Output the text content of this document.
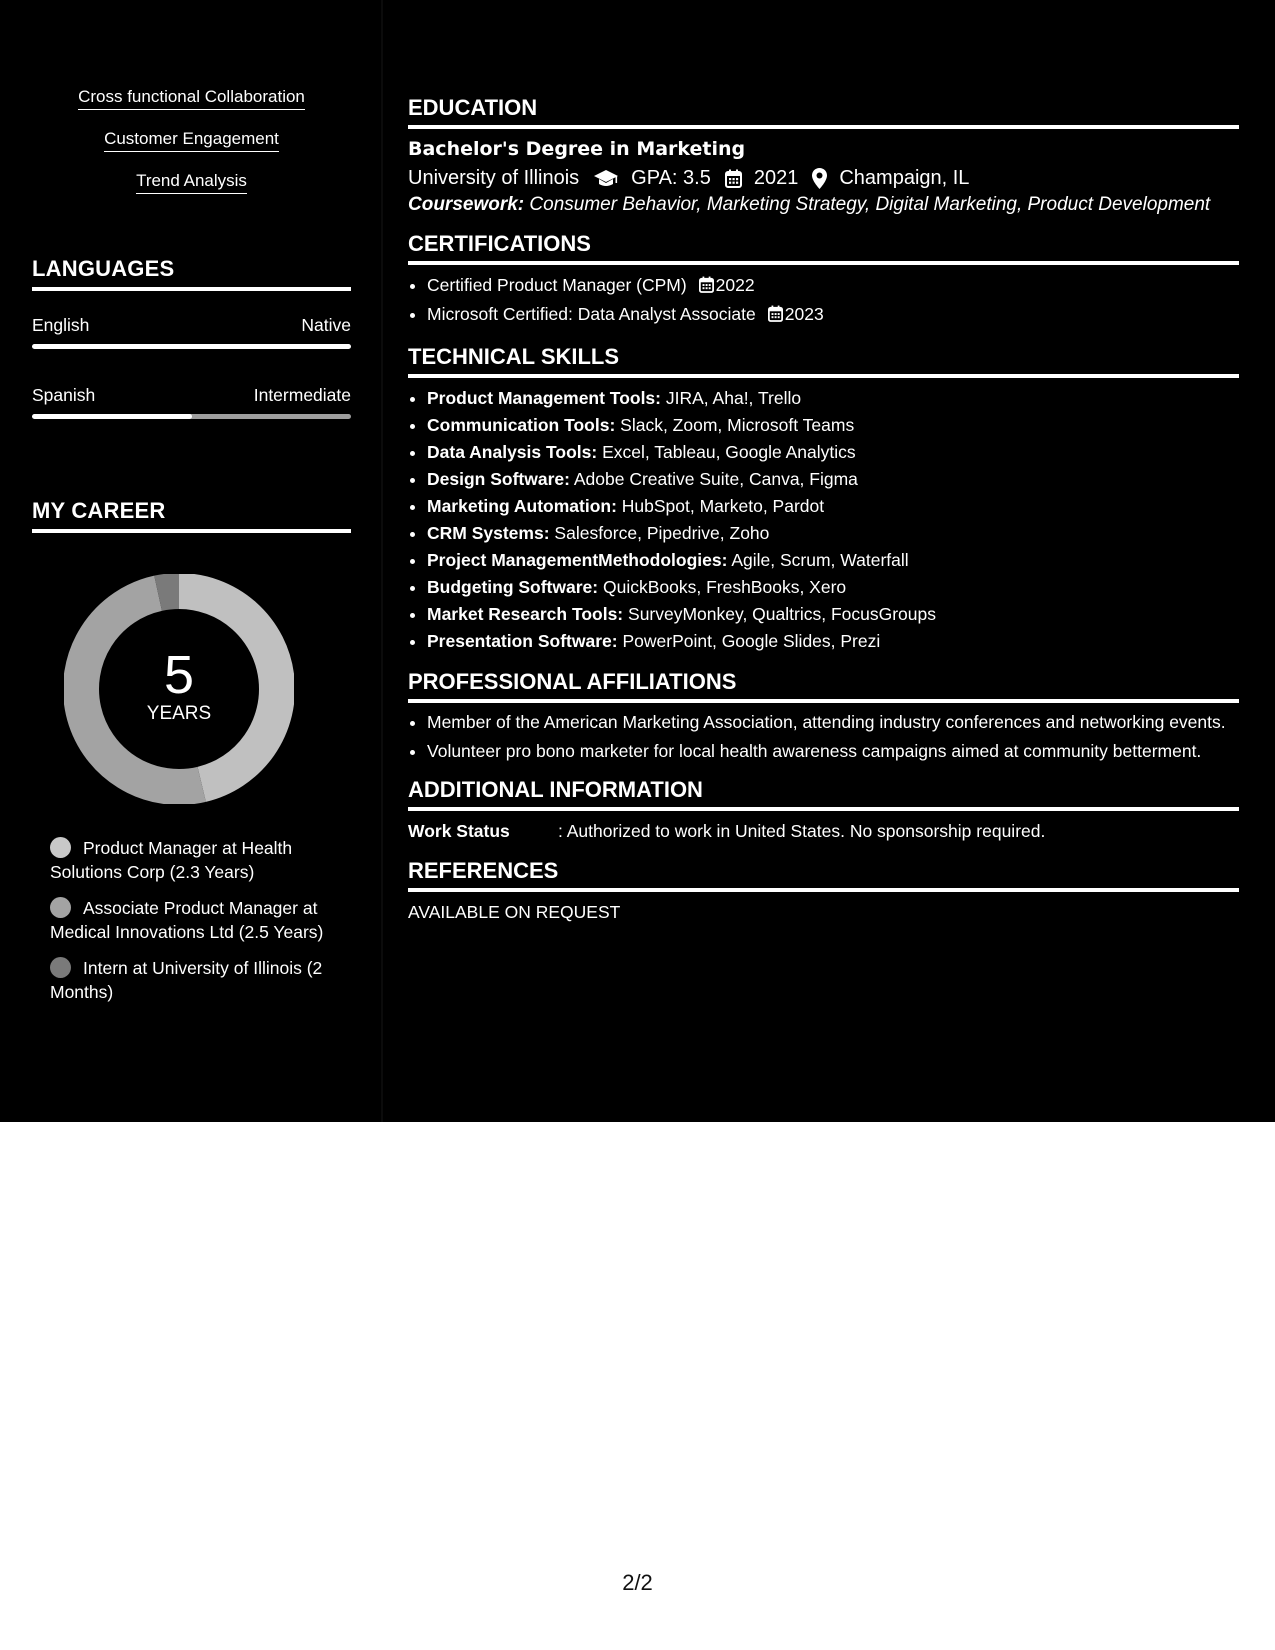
Cross functional Collaboration
Customer Engagement
Trend Analysis
LANGUAGES
English	Native
Spanish	Intermediate
MY CAREER
5
YEARS
Product Manager at Health Solutions Corp (2.3 Years)
Associate Product Manager at Medical Innovations Ltd (2.5 Years)
Intern at University of Illinois (2 Months)
EDUCATION
Bachelor's Degree in Marketing
University of Illinois	GPA: 3.5 2021 Champaign, IL
Coursework: Consumer Behavior, Marketing Strategy, Digital Marketing, Product Development
CERTIFICATIONS
• Certified Product Manager (CPM) 2022
• Microsoft Certified: Data Analyst Associate 2023
TECHNICAL SKILLS
• Product Management Tools: JIRA, Aha!, Trello
• Communication Tools: Slack, Zoom, Microsoft Teams
• Data Analysis Tools: Excel, Tableau, Google Analytics
• Design Software: Adobe Creative Suite, Canva, Figma
• Marketing Automation: HubSpot, Marketo, Pardot
• CRM Systems: Salesforce, Pipedrive, Zoho
• Project ManagementMethodologies: Agile, Scrum, Waterfall
• Budgeting Software: QuickBooks, FreshBooks, Xero
• Market Research Tools: SurveyMonkey, Qualtrics, FocusGroups
• Presentation Software: PowerPoint, Google Slides, Prezi
PROFESSIONAL AFFILIATIONS
• Member of the American Marketing Association, attending industry conferences and networking events.
• Volunteer pro bono marketer for local health awareness campaigns aimed at community betterment.
ADDITIONAL INFORMATION
Work Status	: Authorized to work in United States. No sponsorship required.
REFERENCES
AVAILABLE ON REQUEST
2/2
